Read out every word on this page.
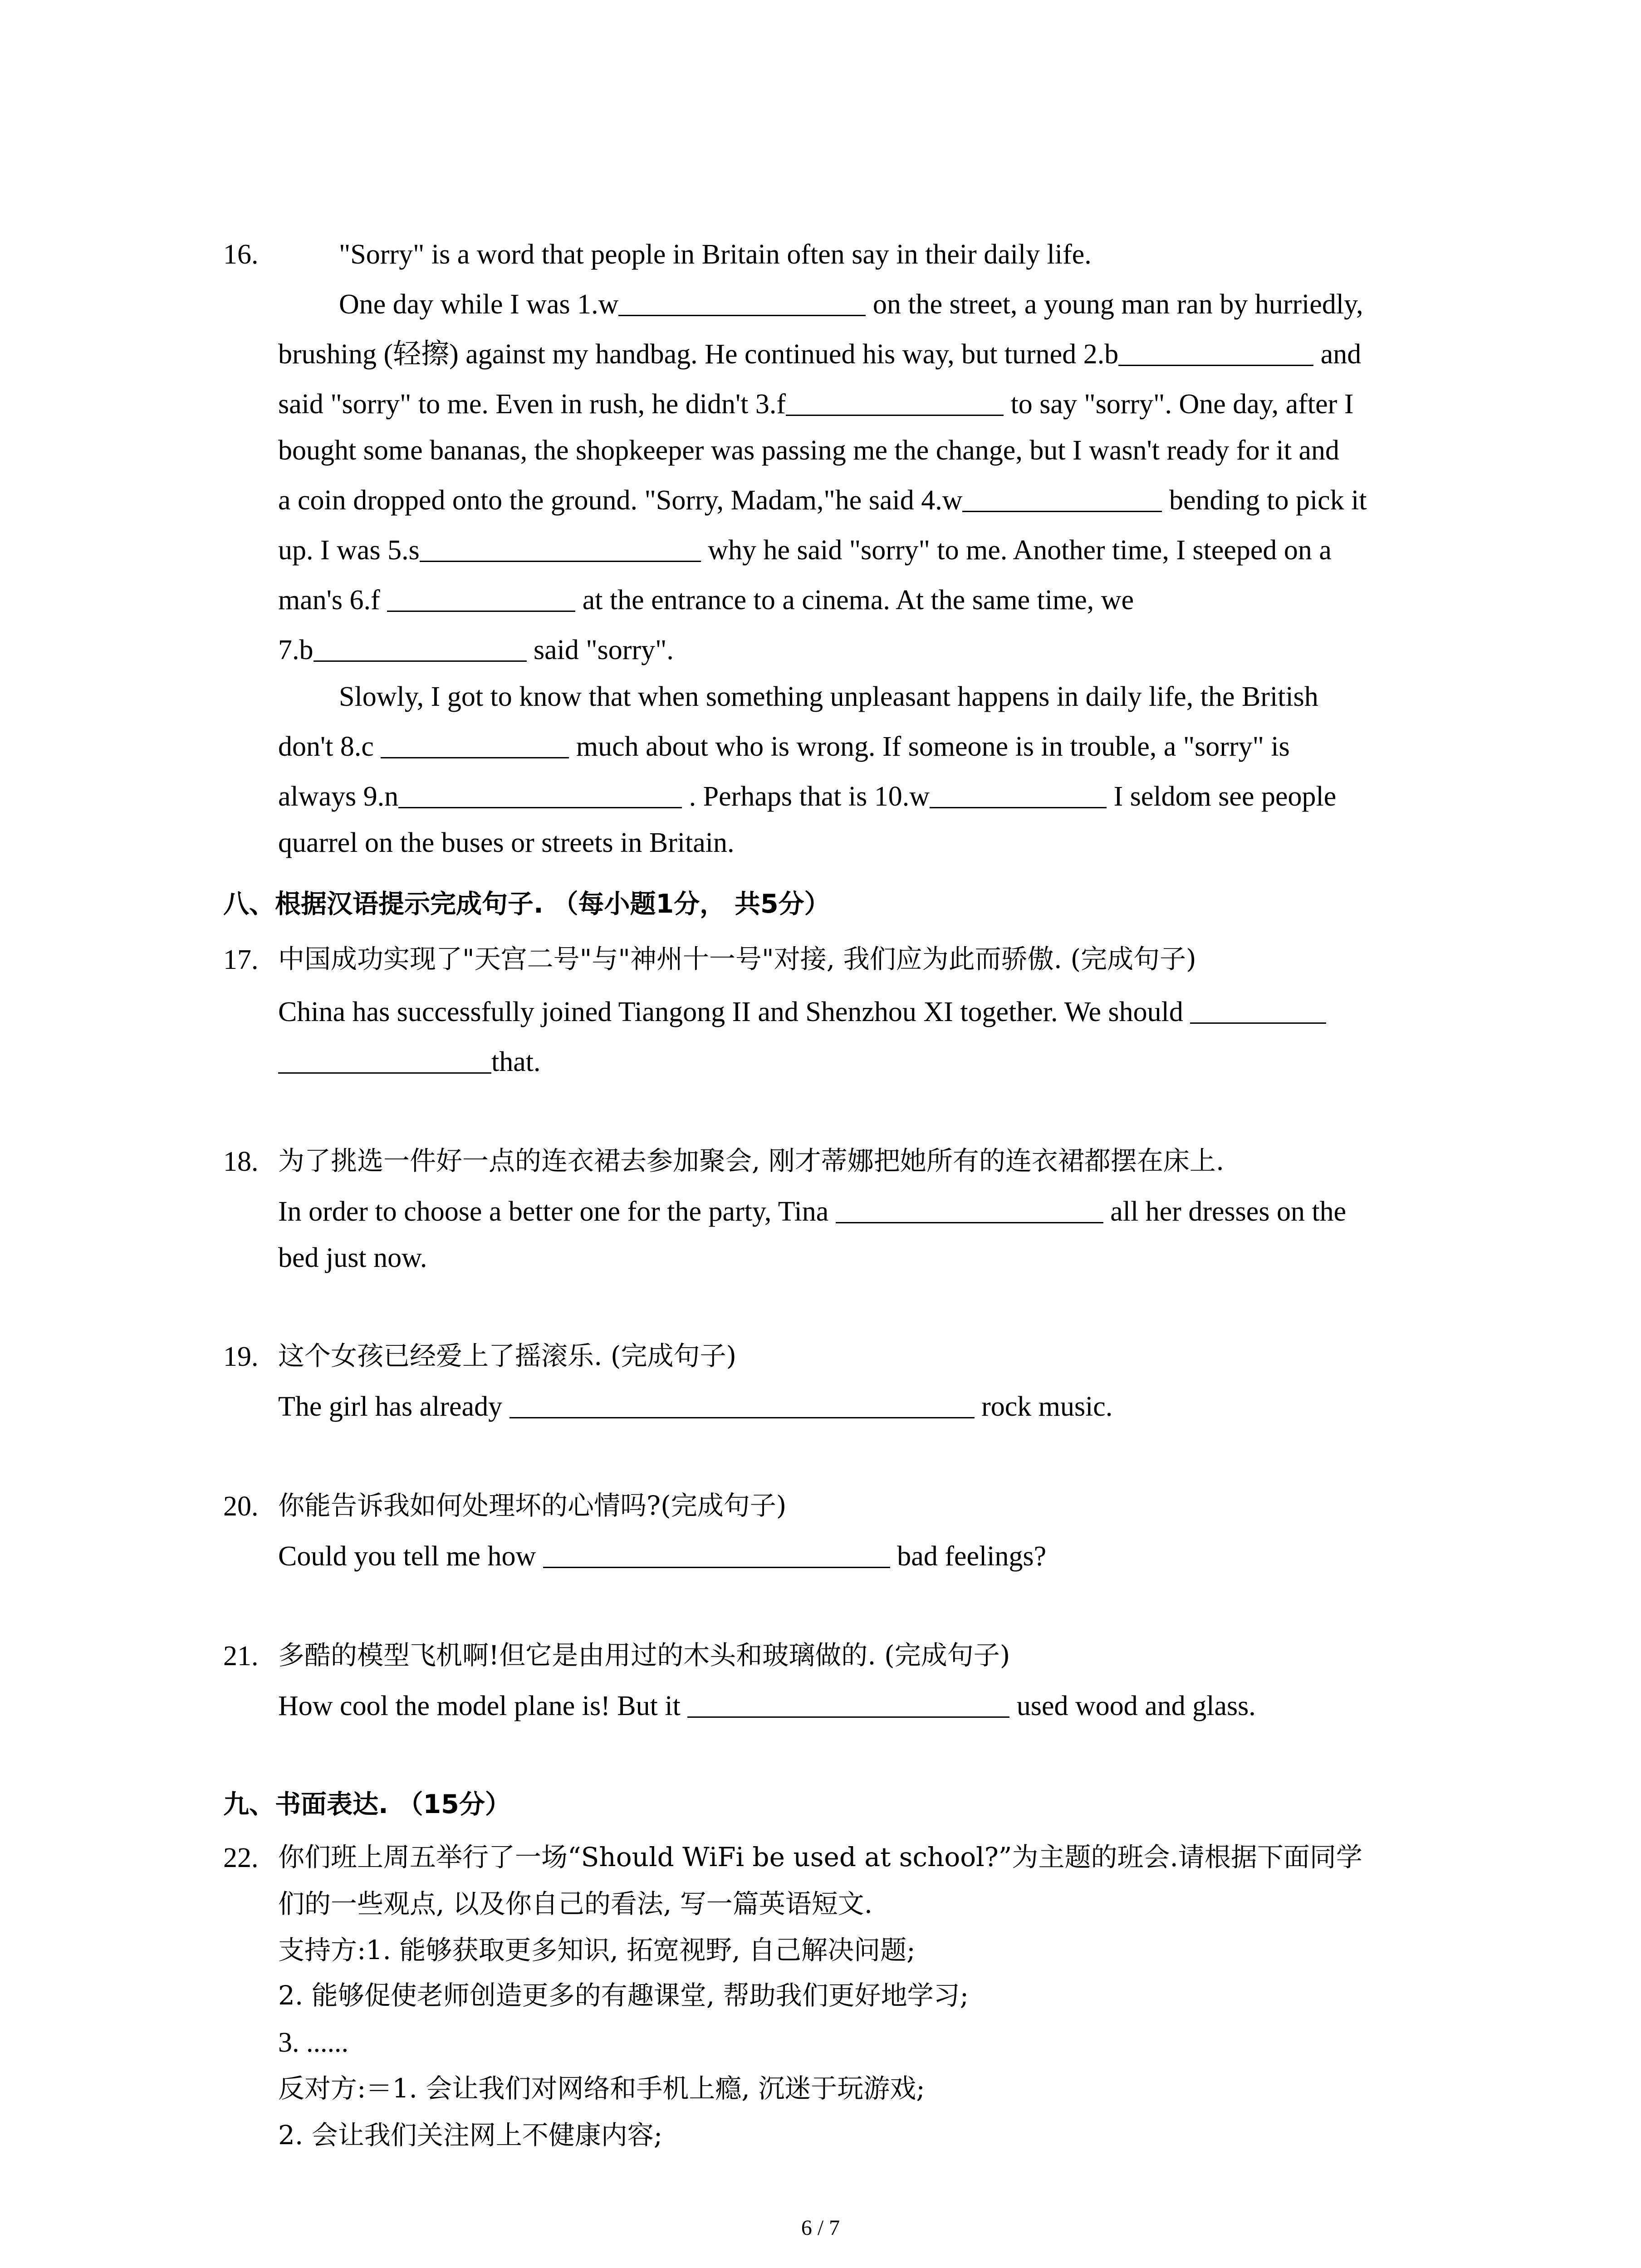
16.	"Sorry" is a word that people in Britain often say in their daily life.
One day while I was 1.w	on the street, a young man ran by hurriedly,
brushing (轻擦) against my handbag. He continued his way, but turned 2.b	and
said "sorry" to me. Even in rush, he didn't 3.f	to say "sorry". One day, after I
bought some bananas, the shopkeeper was passing me the change, but I wasn't ready for it and
a coin dropped onto the ground. "Sorry, Madam,"he said 4.w	bending to pick it
up. I was 5.s	why he said "sorry" to me. Another time, I steeped on a
man's 6.f	at the entrance to a cinema. At the same time, we
7.b	said "sorry".
Slowly, I got to know that when something unpleasant happens in daily life, the British
don't 8.c	much about who is wrong. If someone is in trouble, a "sorry" is
always 9.n	. Perhaps that is 10.w	I seldom see people
quarrel on the buses or streets in Britain.
八、根据汉语提示完成句子. （每小题1分， 共5分）
17. 中国成功实现了"天宫二号"与"神州十一号"对接, 我们应为此而骄傲. (完成句子)
China has successfully joined Tiangong II and Shenzhou XI together. We should
that.
18. 为了挑选一件好一点的连衣裙去参加聚会, 刚才蒂娜把她所有的连衣裙都摆在床上.
In order to choose a better one for the party, Tina	all her dresses on the
bed just now.
19. 这个女孩已经爱上了摇滚乐. (完成句子)
The girl has already	rock music.
20. 你能告诉我如何处理坏的心情吗?(完成句子)
Could you tell me how	bad feelings?
21. 多酷的模型飞机啊!但它是由用过的木头和玻璃做的. (完成句子)
How cool the model plane is! But it	used wood and glass.
九、书面表达. （15分）
22. 你们班上周五举行了一场“Should WiFi be used at school?”为主题的班会.请根据下面同学
们的一些观点, 以及你自己的看法, 写一篇英语短文.
支持方:1. 能够获取更多知识, 拓宽视野, 自己解决问题;
2. 能够促使老师创造更多的有趣课堂, 帮助我们更好地学习;
3. ......
反对方:＝1. 会让我们对网络和手机上瘾, 沉迷于玩游戏;
2. 会让我们关注网上不健康内容;
6 / 7
